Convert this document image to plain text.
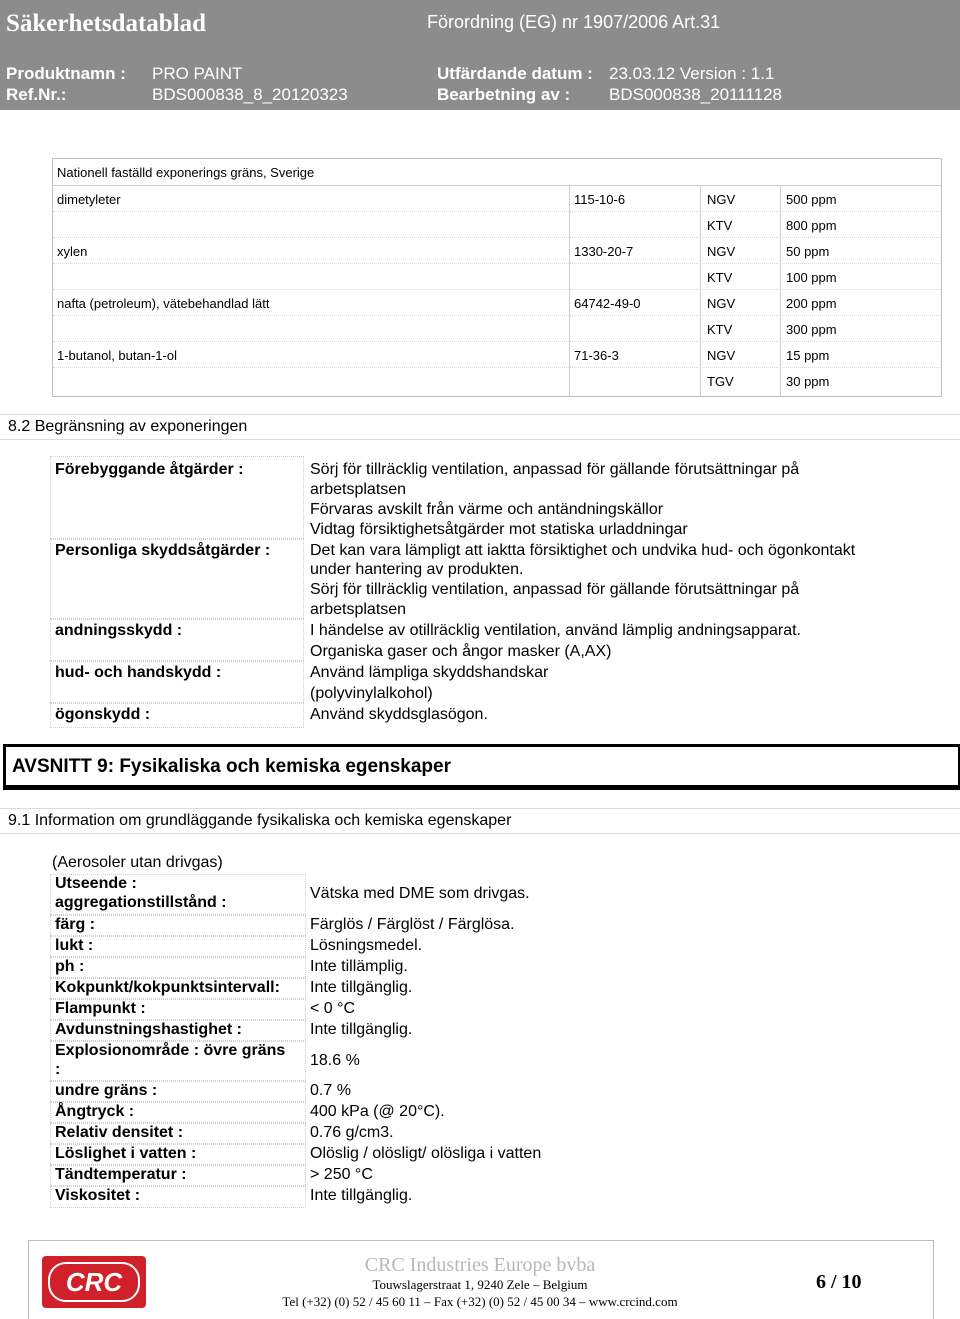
Säkerhetsdatablad	Förordning (EG) nr 1907/2006 Art.31
Produktnamn : PRO PAINT	Utfärdande datum : 23.03.12 Version : 1.1
Ref.Nr.:	BDS000838_8_20120323	Bearbetning av : BDS000838_20111128
Nationell faställd exponerings gräns, Sverige
dimetyleter	115-10-6	NGV	500 ppm
KTV	800 ppm
xylen	1330-20-7	NGV	50 ppm
KTV	100 ppm
nafta (petroleum), vätebehandlad lätt	64742-49-0	NGV	200 ppm
KTV	300 ppm
1-butanol, butan-1-ol	71-36-3	NGV	15 ppm
TGV	30 ppm
8.2 Begränsning av exponeringen
Förebyggande åtgärder :	Sörj för tillräcklig ventilation, anpassad för gällande förutsättningar på
arbetsplatsen
Förvaras avskilt från värme och antändningskällor
Vidtag försiktighetsåtgärder mot statiska urladdningar
Personliga skyddsåtgärder : Det kan vara lämpligt att iaktta försiktighet och undvika hud- och ögonkontakt
under hantering av produkten.
Sörj för tillräcklig ventilation, anpassad för gällande förutsättningar på
arbetsplatsen
andningsskydd :	I händelse av otillräcklig ventilation, använd lämplig andningsapparat.
Organiska gaser och ångor masker (A,AX)
hud- och handskydd :	Använd lämpliga skyddshandskar
(polyvinylalkohol)
ögonskydd :	Använd skyddsglasögon.
AVSNITT 9: Fysikaliska och kemiska egenskaper
9.1 Information om grundläggande fysikaliska och kemiska egenskaper
(Aerosoler utan drivgas)
Utseende :
aggregationstillstånd :
Vätska med DME som drivgas.
färg :	Färglös / Färglöst / Färglösa.
lukt :	Lösningsmedel.
ph :	Inte tillämplig.
Kokpunkt/kokpunktsintervall: Inte tillgänglig.
Flampunkt :	< 0 °C
Avdunstningshastighet :	Inte tillgänglig.
Explosionområde : övre gräns
:
18.6 %
undre gräns :	0.7 %
Ångtryck :	400 kPa (@ 20°C).
Relativ densitet :	0.76 g/cm3.
Löslighet i vatten :	Olöslig / olösligt/ olösliga i vatten
Tändtemperatur :	> 250 °C
Viskositet :	Inte tillgänglig.
CRC
CRC Industries Europe bvba
Touwslagerstraat 1, 9240 Zele – Belgium
Tel (+32) (0) 52 / 45 60 11 – Fax (+32) (0) 52 / 45 00 34 – www.crcind.com
6 / 10
